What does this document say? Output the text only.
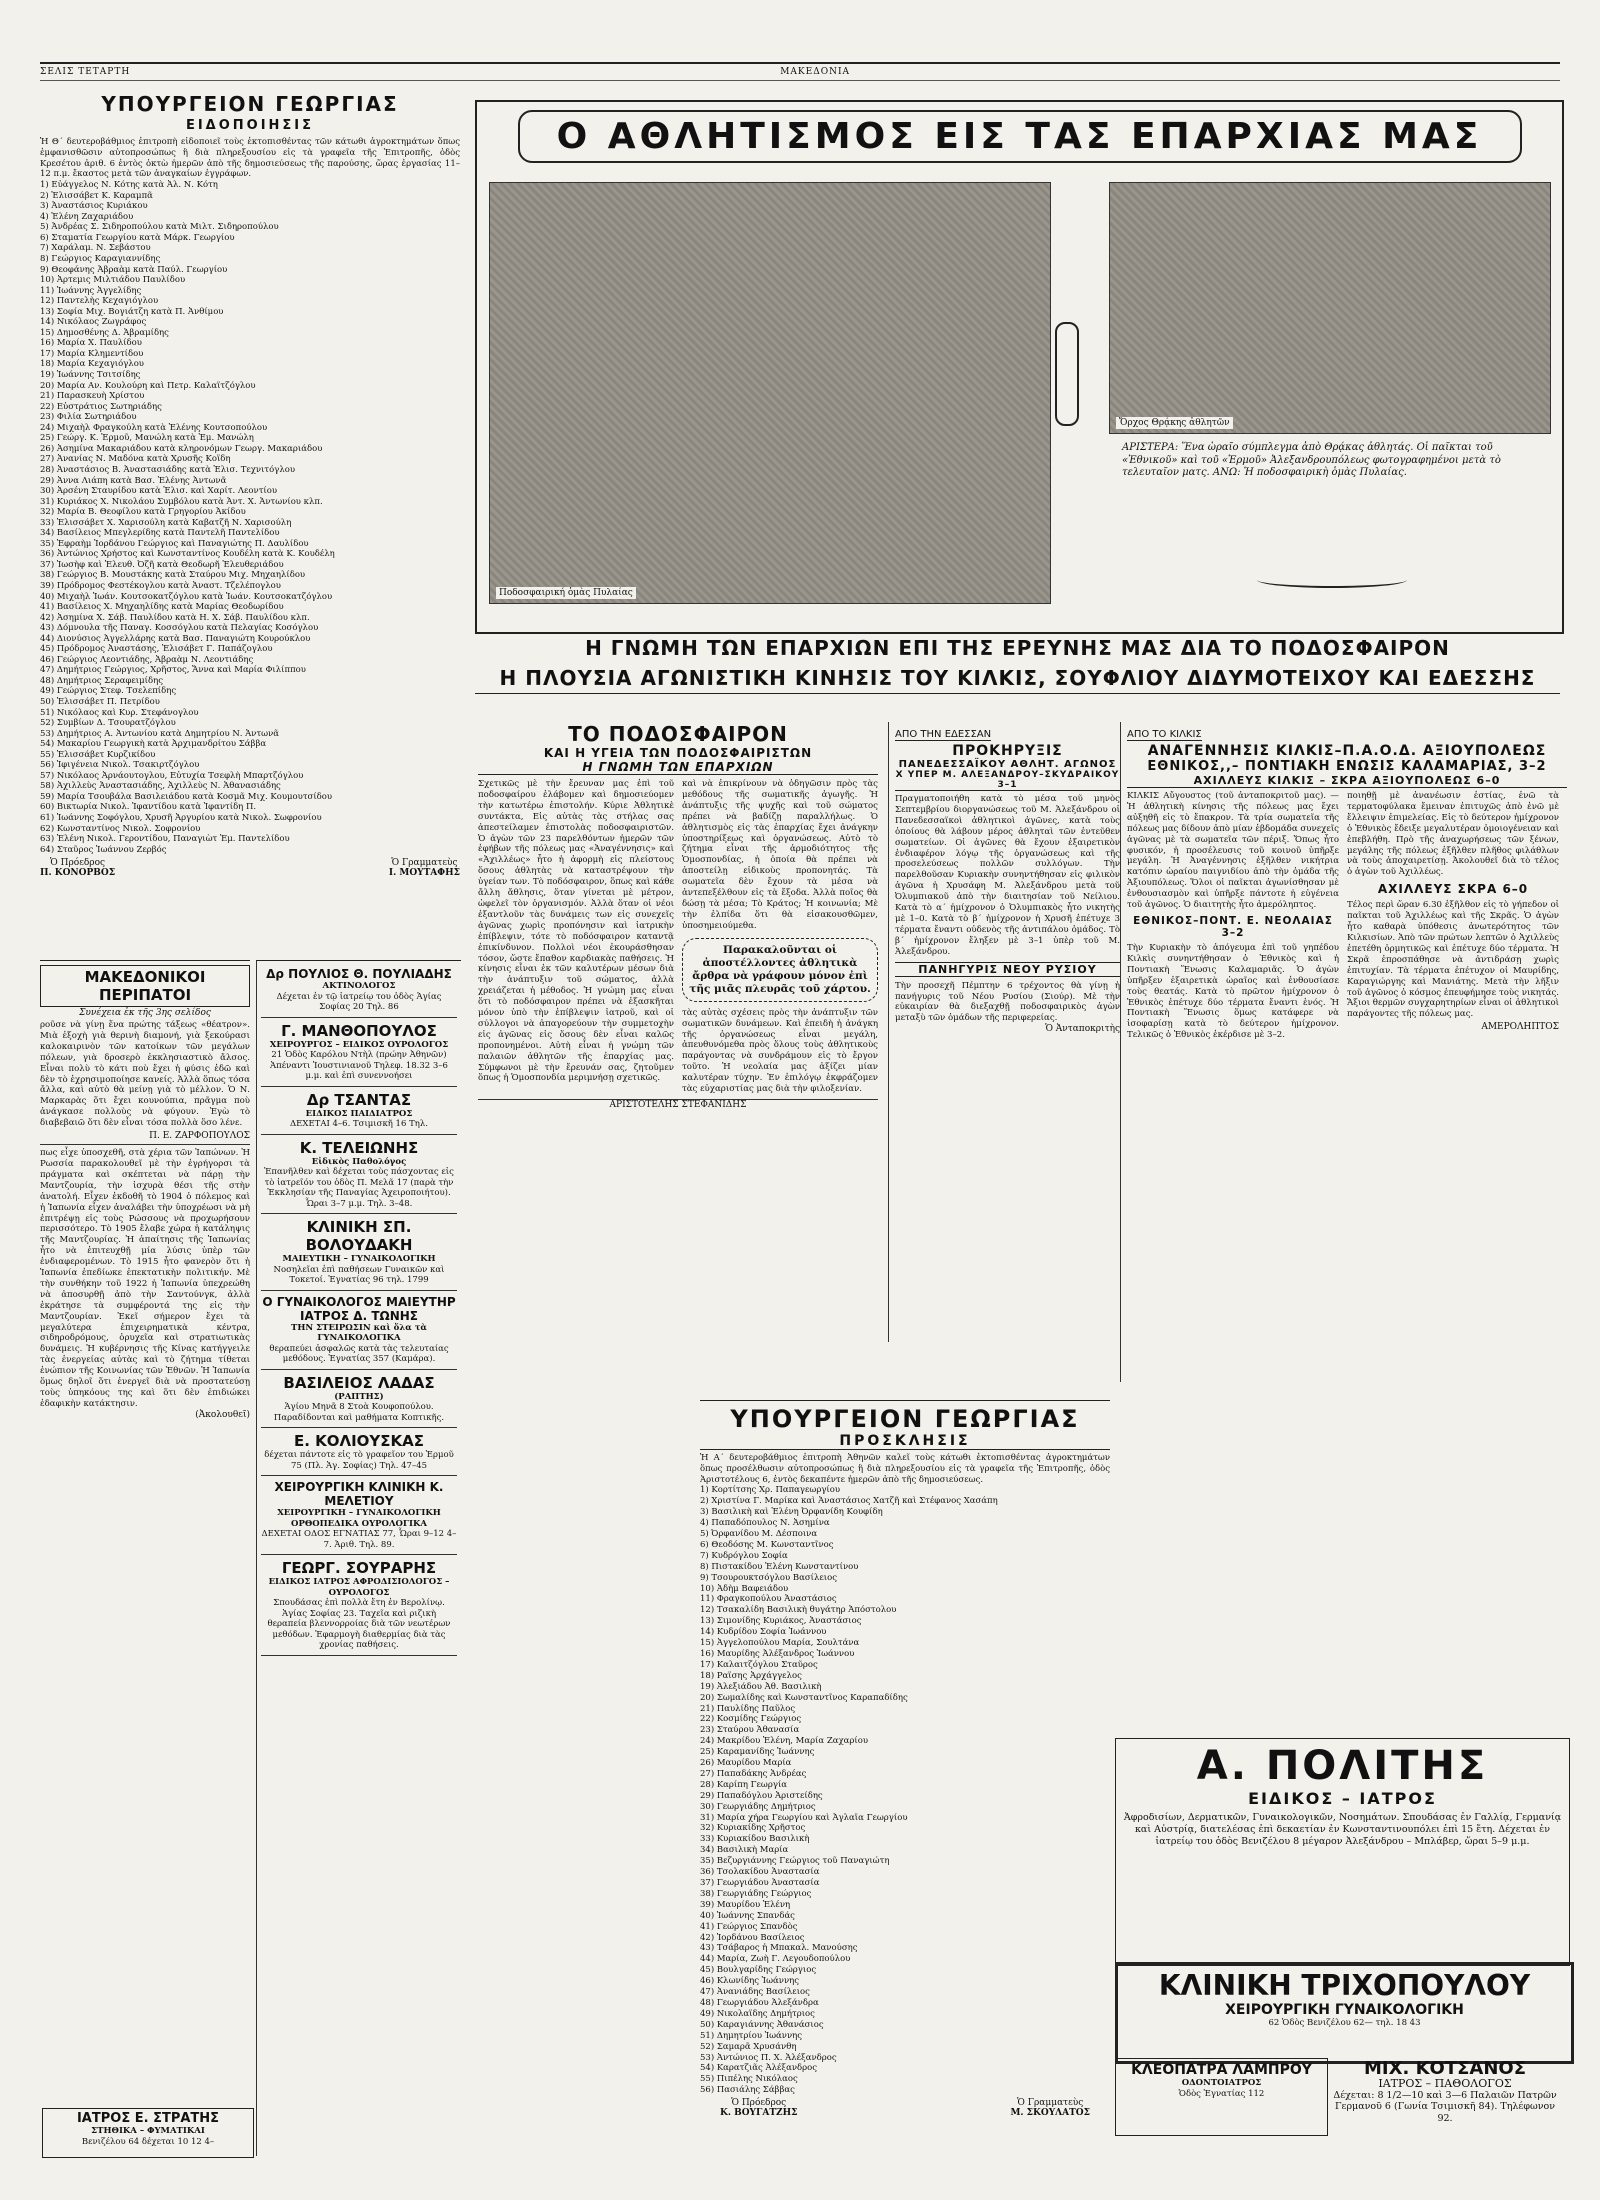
ΣΕΛΙΣ ΤΕΤΑΡΤΗ	ΜΑΚΕΔΟΝΙΑ
ΥΠΟΥΡΓΕΙΟΝ ΓΕΩΡΓΙΑΣ
ΕΙΔΟΠΟΙΗΣΙΣ
Ἡ Θ΄ δευτεροβάθμιος ἐπιτροπὴ εἰδοποιεῖ τοὺς ἐκτοπισθέντας τῶν κάτωθι ἀγροκτημάτων ὅπως ἐμφανισθῶσιν αὐτοπροσώπως ἢ διὰ πληρεξουσίου εἰς τὰ γραφεῖα τῆς Ἐπιτροπῆς, ὁδὸς Κρεσέτου ἀριθ. 6 ἐντὸς ὀκτὼ ἡμερῶν ἀπὸ τῆς δημοσιεύσεως τῆς παρούσης, ὥρας ἐργασίας 11–12 π.μ. ἔκαστος μετὰ τῶν ἀναγκαίων ἐγγράφων.
1) Εὐάγγελος Ν. Κότης κατὰ Ἀλ. Ν. Κότη
2) Ἐλισσάβετ Κ. Καραμπᾶ
3) Ἀναστάσιος Κυριάκου
4) Ἑλένη Ζαχαριάδου
5) Ἀνδρέας Σ. Σιδηροπούλου κατὰ Μιλτ. Σιδηροπούλου
6) Σταματία Γεωργίου κατὰ Μάρκ. Γεωργίου
7) Χαράλαμ. Ν. Σεβάστου
8) Γεώργιος Καραγιαννίδης
9) Θεοφάνης Ἀβραὰμ κατὰ Παύλ. Γεωργίου
10) Ἀρτεμις Μιλτιάδου Παυλίδου
11) Ἰωάννης Ἀγγελίδης
12) Παντελὴς Κεχαγιόγλου
13) Σοφία Μιχ. Βογιάτζη κατὰ Π. Ἀνθίμου
14) Νικόλαος Ζωγράφος
15) Δημοσθένης Δ. Ἀβραμίδης
16) Μαρία Χ. Παυλίδου
17) Μαρία Κλημεντίδου
18) Μαρία Κεχαγιόγλου
19) Ἰωάννης Τσιτσίδης
20) Μαρία Αν. Κουλούρη καὶ Πετρ. Καλαϊτζόγλου
21) Παρασκευὴ Χρίστου
22) Εὐστράτιος Σωτηριάδης
23) Φιλία Σωτηριάδου
24) Μιχαὴλ Φραγκούλη κατὰ Ἑλένης Κουτσοπούλου
25) Γεώργ. Κ. Ἐρμοῦ, Μανώλη κατὰ Ἐμ. Μανώλη
26) Ἀσημίνα Μακαριάδου κατὰ κληρονόμων Γεωργ. Μακαριάδου
27) Ἀνανίας Ν. Μαδόνα κατὰ Χρυσῆς Κοΐδη
28) Ἀναστάσιος Β. Ἀναστασιάδης κατὰ Ἐλισ. Τεχνιτόγλου
29) Ἀννα Λιάπη κατὰ Βασ. Ἐλένης Ἀντωνᾶ
30) Ἀρσένη Σταυρίδου κατὰ Ἐλισ. καὶ Χαρίτ. Λεοντίου
31) Κυριάκος Χ. Νικολάου Συμβόλου κατὰ Ἀντ. Χ. Ἀντωνίου κλπ.
32) Μαρία Β. Θεοφίλου κατὰ Γρηγορίου Ἀκίδου
33) Ἐλισσάβετ Χ. Χαρισούλη κατὰ Καβατζῆ Ν. Χαρισούλη
34) Βασίλειος Μπεγλερίδης κατὰ Παντελῆ Παντελίδου
35) Ἐφραὴμ Ἰορδάνου Γεώργιος καὶ Παναγιώτης Π. Δαυλίδου
36) Ἀντώνιος Χρήστος καὶ Κωνσταντίνος Κουδέλη κατὰ Κ. Κουδέλη
37) Ἰωσὴφ καὶ Ἐλευθ. Ὀζῆ κατὰ Θεοδωρῆ Ἐλευθεριάδου
38) Γεώργιος Β. Μουστάκης κατὰ Σταύρου Μιχ. Μηχαηλίδου
39) Πρόδρομος Φεστέκογλου κατὰ Ἀναστ. Τζελέπογλου
40) Μιχαὴλ Ἰωάν. Κουτσοκατζόγλου κατὰ Ἰωάν. Κουτσοκατζόγλου
41) Βασίλειος Χ. Μηχαηλίδης κατὰ Μαρίας Θεοδωρίδου
42) Ἀσημίνα Χ. Σάβ. Παυλίδου κατὰ Η. Χ. Σάβ. Παυλίδου κλπ.
43) Δόμνουλα τῆς Παναγ. Κοσσόγλου κατὰ Πελαγίας Κοσόγλου
44) Διονύσιος Ἀγγελλάρης κατὰ Βασ. Παναγιώτη Κουρούκλου
45) Πρόδρομος Ἀναστάσης, Ἐλισάβετ Γ. Παπάζογλου
46) Γεώργιος Λεοντιάδης, Ἀβραὰμ Ν. Λεοντιάδης
47) Δημήτριος Γεώργιος, Χρῆστος, Ἄννα καὶ Μαρία Φιλίππου
48) Δημήτριος Σεραφειμίδης
49) Γεώργιος Στεφ. Τσελεπίδης
50) Ἐλισσάβετ Π. Πετρίδου
51) Νικόλαος καὶ Κυρ. Στεφάνογλου
52) Συμβίων Δ. Τσουρατζόγλου
53) Δημήτριος Α. Ἀντωνίου κατὰ Δημητρίου Ν. Ἀντωνᾶ
54) Μακαρίου Γεωργικὴ κατὰ Ἀρχιμανδρίτου Σάββα
55) Ἐλισσάβετ Κυρζικίδου
56) Ἰφιγένεια Νικολ. Τσακιρτζόγλου
57) Νικόλαος Ἀρνάουτογλου, Εὐτυχία Τσεφλὴ Μπαρτζόγλου
58) Ἀχιλλεὺς Ἀναστασιάδης, Ἀχιλλεὺς Ν. Ἀθανασιάδης
59) Μαρία Τσουβάλα Βασιλειάδου κατὰ Κοσμᾶ Μιχ. Κουμουτσίδου
60) Βικτωρία Νικολ. Ἰφαντίδου κατὰ Ἰφαντίδη Π.
61) Ἰωάννης Σοφόγλου, Χρυσῆ Ἀργυρίου κατὰ Νικολ. Σωφρονίου
62) Κωνσταντίνος Νικολ. Σοφρονίου
63) Ἑλένη Νικολ. Γεροντίδου, Παναγιὼτ Ἐμ. Παντελίδου
64) Σταῦρος Ἰωάννου Ζερβός
Ὁ Πρόεδρος
Π. ΚΟΝΟΡΒΟΣ
Ὁ Γραμματεὺς
Ι. ΜΟΥΤΑΦΗΣ
ΜΑΚΕΔΟΝΙΚΟΙ ΠΕΡΙΠΑΤΟΙ
Συνέχεια ἐκ τῆς 3ης σελίδος
ροῦσε νὰ γίνῃ ἕνα πρώτης τάξεως «θέατρον». Μιὰ ἐξοχὴ γιὰ θερινὴ διαμονή, γιὰ ξεκούρασι καλοκαιρινὸν τῶν κατοίκων τῶν μεγάλων πόλεων, γιὰ δροσερὸ ἐκκλησιαστικὸ ἄλσος. Εἶναι πολὺ τὸ κάτι ποὺ ἔχει ἡ φύσις ἐδῶ καὶ δὲν τὸ ἐχρησιμοποίησε κανείς. Ἀλλὰ ὅπως τόσα ἄλλα, καὶ αὐτὸ θὰ μείνῃ γιὰ τὸ μέλλον. Ὁ Ν. Μαρκαρὰς ὅτι ἔχει κουνούπια, πρᾶγμα ποὺ ἀνάγκασε πολλοὺς νὰ φύγουν. Ἐγὼ τὸ διαβεβαιῶ ὅτι δὲν εἶναι τόσα πολλὰ ὅσο λένε.
Π. Ε. ΖΑΡΦΟΠΟΥΛΟΣ
πως εἶχε ὑποσχεθῆ, στὰ χέρια τῶν Ἰαπώνων. Ἡ Ρωσσία παρακολουθεῖ μὲ τὴν ἐγρήγορσι τὰ πράγματα καὶ σκέπτεται νὰ πάρῃ τὴν Μαντζουρία, τὴν ἰσχυρὰ θέσι τῆς στὴν ἀνατολή. Εἶχεν ἐκδοθῆ τὸ 1904 ὁ πόλεμος καὶ ἡ Ἰαπωνία εἶχεν ἀναλάβει τὴν ὑποχρέωσι νὰ μὴ ἐπιτρέψῃ εἰς τοὺς Ρώσσους νὰ προχωρήσουν περισσότερο. Τὸ 1905 ἔλαβε χώρα ἡ κατάληψις τῆς Μαντζουρίας. Ἡ ἀπαίτησις τῆς Ἰαπωνίας ἦτο νὰ ἐπιτευχθῇ μία λύσις ὑπὲρ τῶν ἐνδιαφερομένων. Τὸ 1915 ἦτο φανερὸν ὅτι ἡ Ἰαπωνία ἐπεδίωκε ἐπεκτατικὴν πολιτικήν. Μὲ τὴν συνθήκην τοῦ 1922 ἡ Ἰαπωνία ὑπεχρεώθη νὰ ἀποσυρθῇ ἀπὸ τὴν Σαντούνγκ, ἀλλὰ ἐκράτησε τὰ συμφέροντά της εἰς τὴν Μαντζουρίαν. Ἐκεῖ σήμερον ἔχει τὰ μεγαλύτερα ἐπιχειρηματικὰ κέντρα, σιδηροδρόμους, ὀρυχεῖα καὶ στρατιωτικὰς δυνάμεις. Ἡ κυβέρνησις τῆς Κίνας κατήγγειλε τὰς ἐνεργείας αὐτὰς καὶ τὸ ζήτημα τίθεται ἐνώπιον τῆς Κοινωνίας τῶν Ἐθνῶν. Ἡ Ἰαπωνία ὅμως δηλοῖ ὅτι ἐνεργεῖ διὰ νὰ προστατεύσῃ τοὺς ὑπηκόους της καὶ ὅτι δὲν ἐπιδιώκει ἐδαφικὴν κατάκτησιν.
(Ἀκολουθεῖ)
ΙΑΤΡΟΣ Ε. ΣΤΡΑΤΗΣ
ΣΤΗΘΙΚΑ – ΦΥΜΑΤΙΚΑΙ
Βενιζέλου 64 δέχεται 10 12 4–
Δρ ΠΟΥΛΙΟΣ Θ. ΠΟΥΛΙΑΔΗΣ
ΑΚΤΙΝΟΛΟΓΟΣ
Δέχεται ἐν τῷ ἰατρείῳ του ὁδὸς Ἁγίας Σοφίας 20 Τηλ. 86
Γ. ΜΑΝΘΟΠΟΥΛΟΣ
ΧΕΙΡΟΥΡΓΟΣ – ΕΙΔΙΚΟΣ ΟΥΡΟΛΟΓΟΣ
21 Ὁδὸς Καρόλου Ντὴλ (πρώην Ἀθηνῶν) Ἀπέναντι Ἰουστινιανοῦ Τηλεφ. 18.32 3–6 μ.μ. καὶ ἐπὶ συνεννοήσει
Δρ ΤΣΑΝΤΑΣ
ΕΙΔΙΚΟΣ ΠΑΙΔΙΑΤΡΟΣ
ΔΕΧΕΤΑΙ 4–6. Τσιμισκῆ 16 Τηλ.
Κ. ΤΕΛΕΙΩΝΗΣ
Εἰδικὸς Παθολόγος
Ἐπανῆλθεν καὶ δέχεται τοὺς πάσχοντας εἰς τὸ ἰατρεῖόν του ὁδὸς Π. Μελᾶ 17 (παρὰ τὴν Ἐκκλησίαν τῆς Παναγίας Ἀχειροποιήτου). Ὧραι 3–7 μ.μ. Τηλ. 3–48.
ΚΛΙΝΙΚΗ ΣΠ. ΒΟΛΟΥΔΑΚΗ
ΜΑΙΕΥΤΙΚΗ – ΓΥΝΑΙΚΟΛΟΓΙΚΗ
Νοσηλεῖαι ἐπὶ παθήσεων Γυναικῶν καὶ Τοκετοί. Ἐγνατίας 96 τηλ. 1799
Ο ΓΥΝΑΙΚΟΛΟΓΟΣ ΜΑΙΕΥΤΗΡ ΙΑΤΡΟΣ Δ. ΤΩΝΗΣ
ΤΗΝ ΣΤΕΙΡΩΣΙΝ καὶ ὅλα τὰ ΓΥΝΑΙΚΟΛΟΓΙΚΑ
θεραπεύει ἀσφαλῶς κατὰ τὰς τελευταίας μεθόδους. Ἐγνατίας 357 (Καμάρα).
ΒΑΣΙΛΕΙΟΣ ΛΑΔΑΣ
(ΡΑΠΤΗΣ)
Ἁγίου Μηνᾶ 8 Στοὰ Κουφοπούλου. Παραδίδονται καὶ μαθήματα Κοπτικῆς.
Ε. ΚΟΛΙΟΥΣΚΑΣ
δέχεται πάντοτε εἰς τὸ γραφεῖον του Ἑρμοῦ 75 (Πλ. Ἁγ. Σοφίας) Τηλ. 47–45
ΧΕΙΡΟΥΡΓΙΚΗ ΚΛΙΝΙΚΗ Κ. ΜΕΛΕΤΙΟΥ
ΧΕΙΡΟΥΡΓΙΚΗ – ΓΥΝΑΙΚΟΛΟΓΙΚΗ ΟΡΘΟΠΕΔΙΚΑ ΟΥΡΟΛΟΓΙΚΑ
ΔΕΧΕΤΑΙ ΟΔΟΣ ΕΓΝΑΤΙΑΣ 77, Ὧραι 9–12 4–7. Ἀριθ. Τηλ. 89.
ΓΕΩΡΓ. ΣΟΥΡΑΡΗΣ
ΕΙΔΙΚΟΣ ΙΑΤΡΟΣ ΑΦΡΟΔΙΣΙΟΛΟΓΟΣ – ΟΥΡΟΛΟΓΟΣ
Σπουδάσας ἐπὶ πολλὰ ἔτη ἐν Βερολίνῳ. Ἁγίας Σοφίας 23. Ταχεῖα καὶ ριζικὴ θεραπεία βλεννορροίας διὰ τῶν νεωτέρων μεθόδων. Ἐφαρμογὴ διαθερμίας διὰ τὰς χρονίας παθήσεις.
Ο ΑΘΛΗΤΙΣΜΟΣ ΕΙΣ ΤΑΣ ΕΠΑΡΧΙΑΣ ΜΑΣ
Ποδοσφαιρική ὁμὰς Πυλαίας
Ὄρχος Θρᾴκης ἀθλητῶν
ΑΡΙΣΤΕΡΑ: Ἕνα ὡραῖο σύμπλεγμα ἀπὸ Θρᾴκας ἀθλητάς. Οἱ παῖκται τοῦ «Ἐθνικοῦ» καὶ τοῦ «Ἑρμοῦ» Ἀλεξανδρουπόλεως φωτογραφημένοι μετὰ τὸ τελευταῖον ματς. ΑΝΩ: Ἡ ποδοσφαιρικὴ ὁμὰς Πυλαίας.
Η ΓΝΩΜΗ ΤΩΝ ΕΠΑΡΧΙΩΝ ΕΠΙ ΤΗΣ ΕΡΕΥΝΗΣ ΜΑΣ ΔΙΑ ΤΟ ΠΟΔΟΣΦΑΙΡΟΝ
Η ΠΛΟΥΣΙΑ ΑΓΩΝΙΣΤΙΚΗ ΚΙΝΗΣΙΣ ΤΟΥ ΚΙΛΚΙΣ, ΣΟΥΦΛΙΟΥ ΔΙΔΥΜΟΤΕΙΧΟΥ ΚΑΙ ΕΔΕΣΣΗΣ
ΤΟ ΠΟΔΟΣΦΑΙΡΟΝ
ΚΑΙ Η ΥΓΕΙΑ ΤΩΝ ΠΟΔΟΣΦΑΙΡΙΣΤΩΝ
Η ΓΝΩΜΗ ΤΩΝ ΕΠΑΡΧΙΩΝ
Σχετικῶς μὲ τὴν ἔρευναν μας ἐπὶ τοῦ ποδοσφαίρου ἐλάβομεν καὶ δημοσιεύομεν τὴν κατωτέρω ἐπιστολήν. Κύριε Ἀθλητικὲ συντάκτα, Εἰς αὐτὰς τὰς στήλας σας ἀπεστείλαμεν ἐπιστολὰς ποδοσφαιριστῶν. Ὁ ἀγὼν τῶν 23 παρελθόντων ἡμερῶν τῶν ἐφήβων τῆς πόλεως μας «Ἀναγέννησις» καὶ «Ἀχιλλέως» ἦτο ἡ ἀφορμὴ εἰς πλείστους ὅσους ἀθλητὰς νὰ καταστρέψουν τὴν ὑγείαν των. Τὸ ποδόσφαιρον, ὅπως καὶ κάθε ἄλλη ἄθλησις, ὅταν γίνεται μὲ μέτρον, ὠφελεῖ τὸν ὀργανισμόν. Ἀλλὰ ὅταν οἱ νέοι ἐξαντλοῦν τὰς δυνάμεις των εἰς συνεχεῖς ἀγῶνας χωρὶς προπόνησιν καὶ ἰατρικὴν ἐπίβλεψιν, τότε τὸ ποδόσφαιρον καταντᾷ ἐπικίνδυνον. Πολλοὶ νέοι ἐκουράσθησαν τόσον, ὥστε ἔπαθον καρδιακὰς παθήσεις. Ἡ κίνησις εἶναι ἐκ τῶν καλυτέρων μέσων διὰ τὴν ἀνάπτυξιν τοῦ σώματος, ἀλλὰ χρειάζεται ἡ μέθοδος. Ἡ γνώμη μας εἶναι ὅτι τὸ ποδόσφαιρον πρέπει νὰ ἐξασκῆται μόνον ὑπὸ τὴν ἐπίβλεψιν ἰατροῦ, καὶ οἱ σύλλογοι νὰ ἀπαγορεύουν τὴν συμμετοχὴν εἰς ἀγῶνας εἰς ὅσους δὲν εἶναι καλῶς προπονημένοι. Αὐτὴ εἶναι ἡ γνώμη τῶν παλαιῶν ἀθλητῶν τῆς ἐπαρχίας μας. Σύμφωνοι μὲ τὴν ἔρευνάν σας, ζητοῦμεν ὅπως ἡ Ὁμοσπονδία μεριμνήσῃ σχετικῶς.
καὶ νὰ ἐπικρίνουν νὰ ὁδηγῶσιν πρὸς τὰς μεθόδους τῆς σωματικῆς ἀγωγῆς. Ἡ ἀνάπτυξις τῆς ψυχῆς καὶ τοῦ σώματος πρέπει νὰ βαδίζῃ παραλλήλως. Ὁ ἀθλητισμὸς εἰς τὰς ἐπαρχίας ἔχει ἀνάγκην ὑποστηρίξεως καὶ ὀργανώσεως. Αὐτὸ τὸ ζήτημα εἶναι τῆς ἁρμοδιότητος τῆς Ὁμοσπονδίας, ἡ ὁποία θὰ πρέπει νὰ ἀποστείλῃ εἰδικοὺς προπονητάς. Τὰ σωματεῖα δὲν ἔχουν τὰ μέσα νὰ ἀντεπεξέλθουν εἰς τὰ ἔξοδα. Ἀλλὰ ποῖος θὰ δώσῃ τὰ μέσα; Τὸ Κράτος; Ἡ κοινωνία; Μὲ τὴν ἐλπίδα ὅτι θὰ εἰσακουσθῶμεν, ὑποσημειούμεθα.
Παρακαλοῦνται οἱ ἀποστέλλοντες ἀθλητικὰ ἄρθρα νὰ γράφουν μόνον ἐπὶ τῆς μιᾶς πλευρᾶς τοῦ χάρτου.
τὰς αὐτὰς σχέσεις πρὸς τὴν ἀνάπτυξιν τῶν σωματικῶν δυνάμεων. Καὶ ἐπειδὴ ἡ ἀνάγκη τῆς ὀργανώσεως εἶναι μεγάλη, ἀπευθυνόμεθα πρὸς ὅλους τοὺς ἀθλητικοὺς παράγοντας νὰ συνδράμουν εἰς τὸ ἔργον τοῦτο. Ἡ νεολαία μας ἀξίζει μίαν καλυτέραν τύχην. Ἐν ἐπιλόγῳ ἐκφράζομεν τὰς εὐχαριστίας μας διὰ τὴν φιλοξενίαν.
ΑΡΙΣΤΟΤΕΛΗΣ ΣΤΕΦΑΝΙΔΗΣ
ΑΠΟ ΤΗΝ ΕΔΕΣΣΑΝ
ΠΡΟΚΗΡΥΞΙΣ
ΠΑΝΕΔΕΣΣΑΪΚΟΥ ΑΘΛΗΤ. ΑΓΩΝΟΣ
Χ ΥΠΕΡ Μ. ΑΛΕΞΑΝΔΡΟΥ–ΣΚΥΔΡΑΙΚΟΥ 3–1
Πραγματοποιήθη κατὰ τὸ μέσα τοῦ μηνὸς Σεπτεμβρίου διοργανώσεως τοῦ Μ. Ἀλεξάνδρου οἱ Πανεδεσσαϊκοὶ ἀθλητικοὶ ἀγῶνες, κατὰ τοὺς ὁποίους θὰ λάβουν μέρος ἀθληταὶ τῶν ἐντεῦθεν σωματείων. Οἱ ἀγῶνες θὰ ἔχουν ἐξαιρετικὸν ἐνδιαφέρον λόγῳ τῆς ὀργανώσεως καὶ τῆς προσελεύσεως πολλῶν συλλόγων. Τὴν παρελθοῦσαν Κυριακὴν συνηντήθησαν εἰς φιλικὸν ἀγῶνα ἡ Χρυσάφη Μ. Ἀλεξάνδρου μετὰ τοῦ Ὀλυμπιακοῦ ἀπὸ τὴν διαιτησίαν τοῦ Νείλιου. Κατὰ τὸ α΄ ἡμίχρονον ὁ Ὀλυμπιακὸς ἦτο νικητὴς μὲ 1–0. Κατὰ τὸ β΄ ἡμίχρονον ἡ Χρυσῆ ἐπέτυχε 3 τέρματα ἔναντι οὐδενὸς τῆς ἀντιπάλου ὁμάδος. Τὸ β΄ ἡμίχρονον ἔληξεν μὲ 3–1 ὑπὲρ τοῦ Μ. Ἀλεξάνδρου.
ΠΑΝΗΓΥΡΙΣ ΝΕΟΥ ΡΥΣΙΟΥ
Τὴν προσεχῆ Πέμπτην 6 τρέχοντος θὰ γίνῃ ἡ πανήγυρις τοῦ Νέου Ρυσίου (Σιούρ). Μὲ τὴν εὐκαιρίαν θὰ διεξαχθῇ ποδοσφαιρικὸς ἀγὼν μεταξὺ τῶν ὁμάδων τῆς περιφερείας.
Ὁ Ἀνταποκριτὴς
ΑΠΟ ΤΟ ΚΙΛΚΙΣ
ΑΝΑΓΕΝΝΗΣΙΣ ΚΙΛΚΙΣ–Π.Α.Ο.Δ. ΑΞΙΟΥΠΟΛΕΩΣ
ΕΘΝΙΚΟΣ,,– ΠΟΝΤΙΑΚΗ ΕΝΩΣΙΣ ΚΑΛΑΜΑΡΙΑΣ, 3–2
ΑΧΙΛΛΕΥΣ ΚΙΛΚΙΣ – ΣΚΡΑ ΑΞΙΟΥΠΟΛΕΩΣ 6–0
ΚΙΛΚΙΣ Αὔγουστος (τοῦ ἀνταποκριτοῦ μας). — Ἡ ἀθλητικὴ κίνησις τῆς πόλεως μας ἔχει αὐξηθῆ εἰς τὸ ἔπακρον. Τὰ τρία σωματεῖα τῆς πόλεως μας δίδουν ἀπὸ μίαν ἑβδομάδα συνεχεῖς ἀγῶνας μὲ τὰ σωματεῖα τῶν πέριξ. Ὅπως ἦτο φυσικόν, ἡ προσέλευσις τοῦ κοινοῦ ὑπῆρξε μεγάλη. Ἡ Ἀναγέννησις ἐξῆλθεν νικήτρια κατόπιν ὡραίου παιγνιδίου ἀπὸ τὴν ὁμάδα τῆς Ἀξιουπόλεως. Ὅλοι οἱ παῖκται ἀγωνίσθησαν μὲ ἐνθουσιασμὸν καὶ ὑπῆρξε πάντοτε ἡ εὐγένεια τοῦ ἀγῶνος. Ὁ διαιτητὴς ἦτο ἀμερόληπτος.
ΕΘΝΙΚΟΣ–ΠΟΝΤ. Ε. ΝΕΟΛΑΙΑΣ 3–2
Τὴν Κυριακὴν τὸ ἀπόγευμα ἐπὶ τοῦ γηπέδου Κιλκὶς συνηντήθησαν ὁ Ἐθνικὸς καὶ ἡ Ποντιακὴ Ἕνωσις Καλαμαριᾶς. Ὁ ἀγὼν ὑπῆρξεν ἐξαιρετικὰ ὡραῖος καὶ ἐνθουσίασε τοὺς θεατάς. Κατὰ τὸ πρῶτον ἡμίχρονον ὁ Ἐθνικὸς ἐπέτυχε δύο τέρματα ἔναντι ἑνός. Ἡ Ποντιακὴ Ἕνωσις ὅμως κατάφερε νὰ ἰσοφαρίσῃ κατὰ τὸ δεύτερον ἡμίχρονον. Τελικῶς ὁ Ἐθνικὸς ἐκέρδισε μὲ 3–2.
ποιηθῇ μὲ ἀνανέωσιν ἐστίας, ἐνῶ τὰ τερματοφύλακα ἔμειναν ἐπιτυχῶς ἀπὸ ἐνῶ μὲ ἔλλειψιν ἐπιμελείας. Εἰς τὸ δεύτερον ἡμίχρονον ὁ Ἐθνικὸς ἔδειξε μεγαλυτέραν ὁμοιογένειαν καὶ ἐπεβλήθη. Πρὸ τῆς ἀναχωρήσεως τῶν ξένων, μεγάλης τῆς πόλεως ἐξῆλθεν πλῆθος φιλάθλων νὰ τοὺς ἀποχαιρετίσῃ. Ἀκολουθεῖ διὰ τὸ τέλος ὁ ἀγὼν τοῦ Ἀχιλλέως.
ΑΧΙΛΛΕΥΣ ΣΚΡΑ 6–0
Τέλος περὶ ὥραν 6.30 ἐξῆλθον εἰς τὸ γήπεδον οἱ παῖκται τοῦ Ἀχιλλέως καὶ τῆς Σκρᾶς. Ὁ ἀγὼν ἦτο καθαρὰ ὑπόθεσις ἀνωτερότητος τῶν Κιλκισίων. Ἀπὸ τῶν πρώτων λεπτῶν ὁ Ἀχιλλεὺς ἐπετέθη ὁρμητικῶς καὶ ἐπέτυχε δύο τέρματα. Ἡ Σκρᾶ ἐπροσπάθησε νὰ ἀντιδράσῃ χωρὶς ἐπιτυχίαν. Τὰ τέρματα ἐπέτυχον οἱ Μαυρίδης, Καραγιώργης καὶ Μανιάτης. Μετὰ τὴν λῆξιν τοῦ ἀγῶνος ὁ κόσμος ἐπευφήμησε τοὺς νικητάς. Ἄξιοι θερμῶν συγχαρητηρίων εἶναι οἱ ἀθλητικοὶ παράγοντες τῆς πόλεως μας.
ΑΜΕΡΟΛΗΠΤΟΣ
ΥΠΟΥΡΓΕΙΟΝ ΓΕΩΡΓΙΑΣ
ΠΡΟΣΚΛΗΣΙΣ
Ἡ Α΄ δευτεροβάθμιος ἐπιτροπὴ Ἀθηνῶν καλεῖ τοὺς κάτωθι ἐκτοπισθέντας ἀγροκτημάτων ὅπως προσέλθωσιν αὐτοπροσώπως ἢ διὰ πληρεξουσίου εἰς τὰ γραφεῖα τῆς Ἐπιτροπῆς, ὁδὸς Ἀριστοτέλους 6, ἐντὸς δεκαπέντε ἡμερῶν ἀπὸ τῆς δημοσιεύσεως.
1) Κορτίτσης Χρ. Παπαγεωργίου
2) Χριστίνα Γ. Μαρίκα καὶ Ἀναστάσιος Χατζῆ καὶ Στέφανος Χασάπη
3) Βασιλικὴ καὶ Ἐλένη Ὀρφανίδη Κουφίδη
4) Παπαδόπουλος Ν. Ἀσημίνα
5) Ὀρφανίδου Μ. Δέσποινα
6) Θεοδόσης Μ. Κωνσταντῖνος
7) Κυδρόγλου Σοφία
8) Πιστακίδου Ἑλένη Κωνσταντίνου
9) Τσουρουκτσόγλου Βασίλειος
10) Ἀδὴμ Βαφειάδου
11) Φραγκοπούλου Ἀναστάσιος
12) Τσακαλίδη Βασιλικὴ θυγάτηρ Ἀπόστολου
13) Σιμονίδης Κυριάκος, Ἀναστάσιος
14) Κυδρίδου Σοφία Ἰωάννου
15) Ἀγγελοπούλου Μαρία, Σουλτάνα
16) Μαυρίδης Ἀλέξανδρος Ἰωάννου
17) Καλαιτζόγλου Σταῦρος
18) Ραΐσης Ἀρχάγγελος
19) Ἀλεξιάδου Ἀθ. Βασιλικὴ
20) Σωμαλίδης καὶ Κωνσταντῖνος Καραπαδίδης
21) Παυλίδης Παῦλος
22) Κοσμίδης Γεώργιος
23) Σταύρου Ἀθανασία
24) Μακρίδου Ἑλένη, Μαρία Ζαχαρίου
25) Καραμανίδης Ἰωάννης
26) Μαυρίδου Μαρία
27) Παπαδάκης Ἀνδρέας
28) Καρίπη Γεωργία
29) Παπαδόγλου Ἀριστείδης
30) Γεωργιάδης Δημήτριος
31) Μαρία χήρα Γεωργίου καὶ Ἀγλαΐα Γεωργίου
32) Κυριακίδης Χρῆστος
33) Κυριακίδου Βασιλικὴ
34) Βασιλικὴ Μαρία
35) Βεζυργιάννης Γεώργιος τοῦ Παναγιώτη
36) Τσολακίδου Ἀναστασία
37) Γεωργιάδου Ἀναστασία
38) Γεωργιάδης Γεώργιος
39) Μαυρίδου Ἑλένη
40) Ἰωάννης Σπανδάς
41) Γεώργιος Σπανδὸς
42) Ἰορδάνου Βασίλειος
43) Τσάβαρος ἡ Μπακαλ. Μανούσης
44) Μαρία, Ζωὴ Γ. Λεγουδοπούλου
45) Βουλγαρίδης Γεώργιος
46) Κλωνίδης Ἰωάννης
47) Ἀνανιάδης Βασίλειος
48) Γεωργιάδου Ἀλεξάνδρα
49) Νικολαΐδης Δημήτριος
50) Καραγιάννης Ἀθανάσιος
51) Δημητρίου Ἰωάννης
52) Σαμαρᾶ Χρυσάνθη
53) Ἀντώνιος Π. Χ. Ἀλέξανδρος
54) Καρατζιᾶς Ἀλέξανδρος
55) Πιπέλης Νικόλαος
56) Πασιάλης Σάββας
Ὁ Πρόεδρος
Κ. ΒΟΥΓΑΤΖΗΣ
Ὁ Γραμματεὺς
Μ. ΣΚΟΥΛΑΤΟΣ
Α. ΠΟΛΙΤΗΣ
ΕΙΔΙΚΟΣ – ΙΑΤΡΟΣ
Ἀφροδισίων, Δερματικῶν, Γυναικολογικῶν, Νοσημάτων. Σπουδάσας ἐν Γαλλίᾳ, Γερμανίᾳ καὶ Αὐστρίᾳ, διατελέσας ἐπὶ δεκαετίαν ἐν Κωνσταντινουπόλει ἐπὶ 15 ἔτη. Δέχεται ἐν ἰατρείῳ του ὁδὸς Βενιζέλου 8 μέγαρον Ἀλεξάνδρου – Μπλάβερ, ὥραι 5–9 μ.μ.
ΚΛΙΝΙΚΗ ΤΡΙΧΟΠΟΥΛΟΥ
ΧΕΙΡΟΥΡΓΙΚΗ ΓΥΝΑΙΚΟΛΟΓΙΚΗ
62 Ὁδὸς Βενιζέλου 62— τηλ. 18 43
ΚΛΕΟΠΑΤΡΑ ΛΑΜΠΡΟΥ
ΟΔΟΝΤΟΙΑΤΡΟΣ
Ὁδὸς Ἐγνατίας 112
ΜΙΧ. ΚΟΤΣΑΝΟΣ
ΙΑΤΡΟΣ – ΠΑΘΟΛΟΓΟΣ
Δέχεται: 8 1/2—10 καὶ 3—6 Παλαιῶν Πατρῶν Γερμανοῦ 6 (Γωνία Τσιμισκῆ 84). Τηλέφωνον 92.
